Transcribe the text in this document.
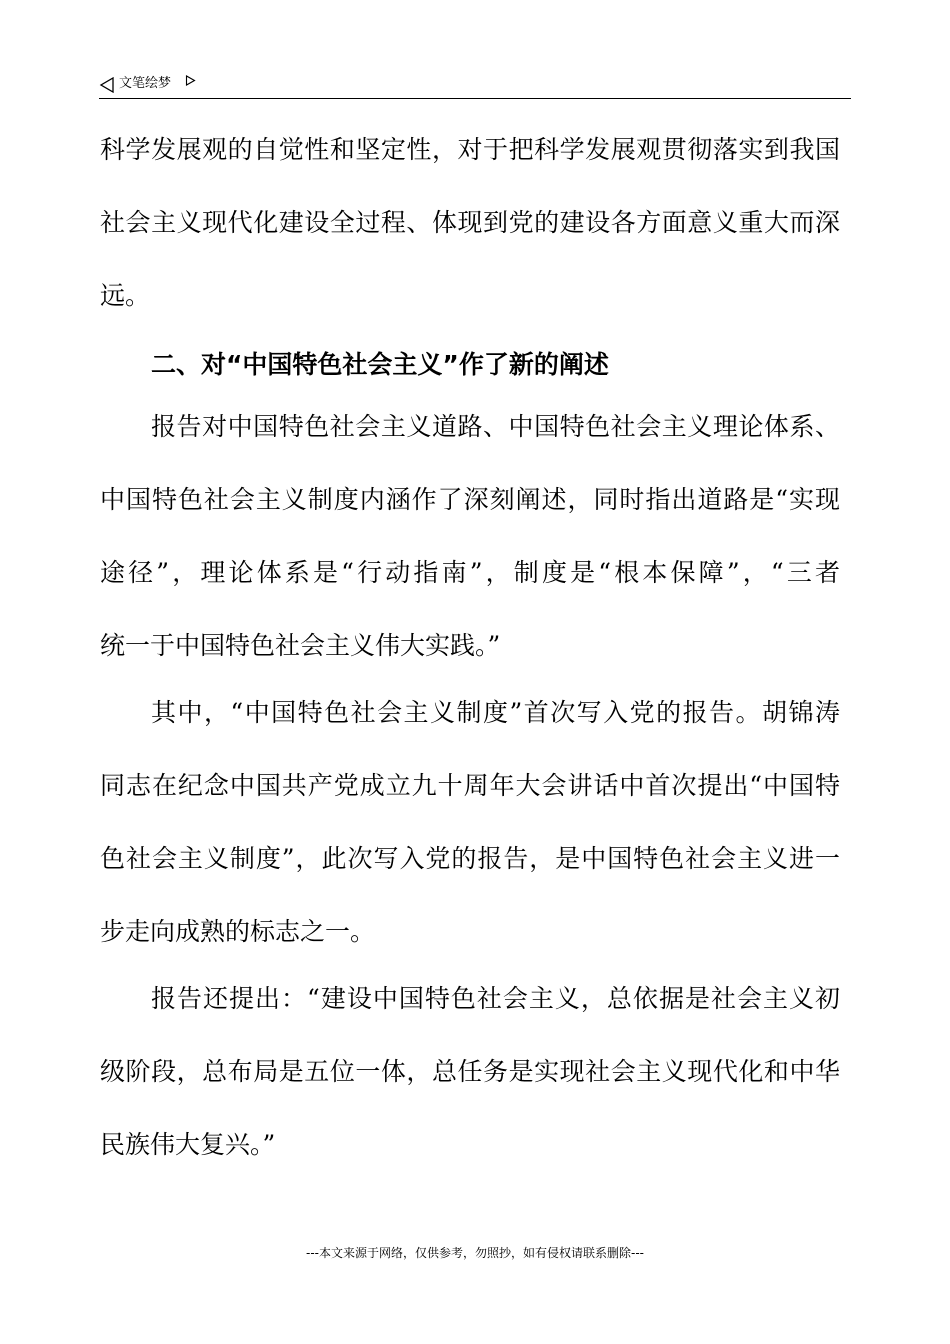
文笔绘梦
科学发展观的自觉性和坚定性，对于把科学发展观贯彻落实到我国
社会主义现代化建设全过程、体现到党的建设各方面意义重大而深
远。
二、对“中国特色社会主义”作了新的阐述
报告对中国特色社会主义道路、中国特色社会主义理论体系、
中国特色社会主义制度内涵作了深刻阐述，同时指出道路是“实现
途径”，理论体系是“行动指南”，制度是“根本保障”，“三者
统一于中国特色社会主义伟大实践。”
其中，“中国特色社会主义制度”首次写入党的报告。胡锦涛
同志在纪念中国共产党成立九十周年大会讲话中首次提出“中国特
色社会主义制度”，此次写入党的报告，是中国特色社会主义进一
步走向成熟的标志之一。
报告还提出：“建设中国特色社会主义，总依据是社会主义初
级阶段，总布局是五位一体，总任务是实现社会主义现代化和中华
民族伟大复兴。”
---本文来源于网络，仅供参考，勿照抄，如有侵权请联系删除---
